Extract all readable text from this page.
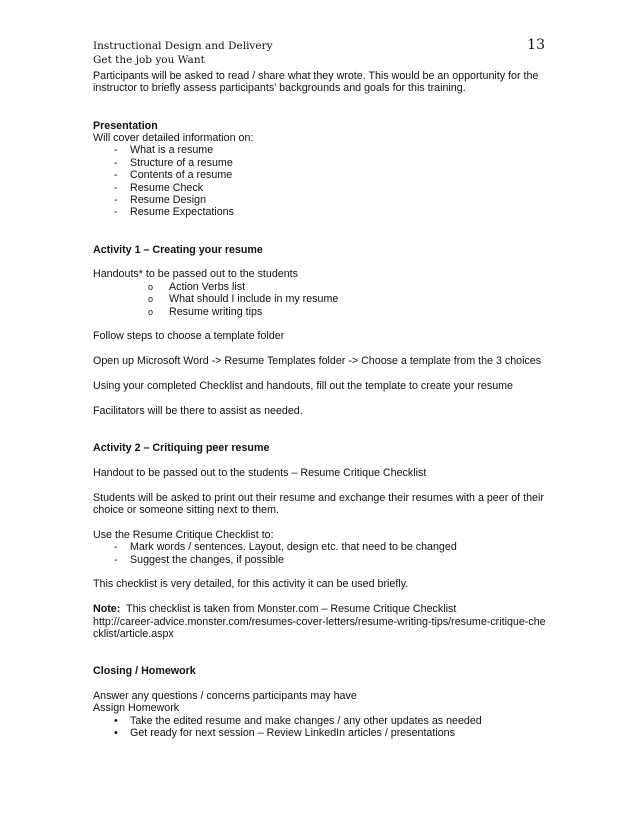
Instructional Design and Delivery
Get the job you Want
13

Participants will be asked to read / share what they wrote. This would be an opportunity for the instructor to briefly assess participants’ backgrounds and goals for this training.

Presentation

Will cover detailed information on:

- What is a resume
- Structure of a resume
- Contents of a resume
- Resume Check
- Resume Design
- Resume Expectations

Activity 1 – Creating your resume

Handouts* to be passed out to the students

o Action Verbs list
o What should I include in my resume
o Resume writing tips

Follow steps to choose a template folder

Open up Microsoft Word -> Resume Templates folder -> Choose a template from the 3 choices

Using your completed Checklist and handouts, fill out the template to create your resume

Facilitators will be there to assist as needed.

Activity 2 – Critiquing peer resume

Handout to be passed out to the students – Resume Critique Checklist

Students will be asked to print out their resume and exchange their resumes with a peer of their choice or someone sitting next to them.

Use the Resume Critique Checklist to:

- Mark words / sentences. Layout, design etc. that need to be changed
- Suggest the changes, if possible

This checklist is very detailed, for this activity it can be used briefly.

Note:  This checklist is taken from Monster.com – Resume Critique Checklist

http://career-advice.monster.com/resumes-cover-letters/resume-writing-tips/resume-critique-checklist/article.aspx

Closing / Homework

Answer any questions / concerns participants may have

Assign Homework

• Take the edited resume and make changes / any other updates as needed
• Get ready for next session – Review LinkedIn articles / presentations
